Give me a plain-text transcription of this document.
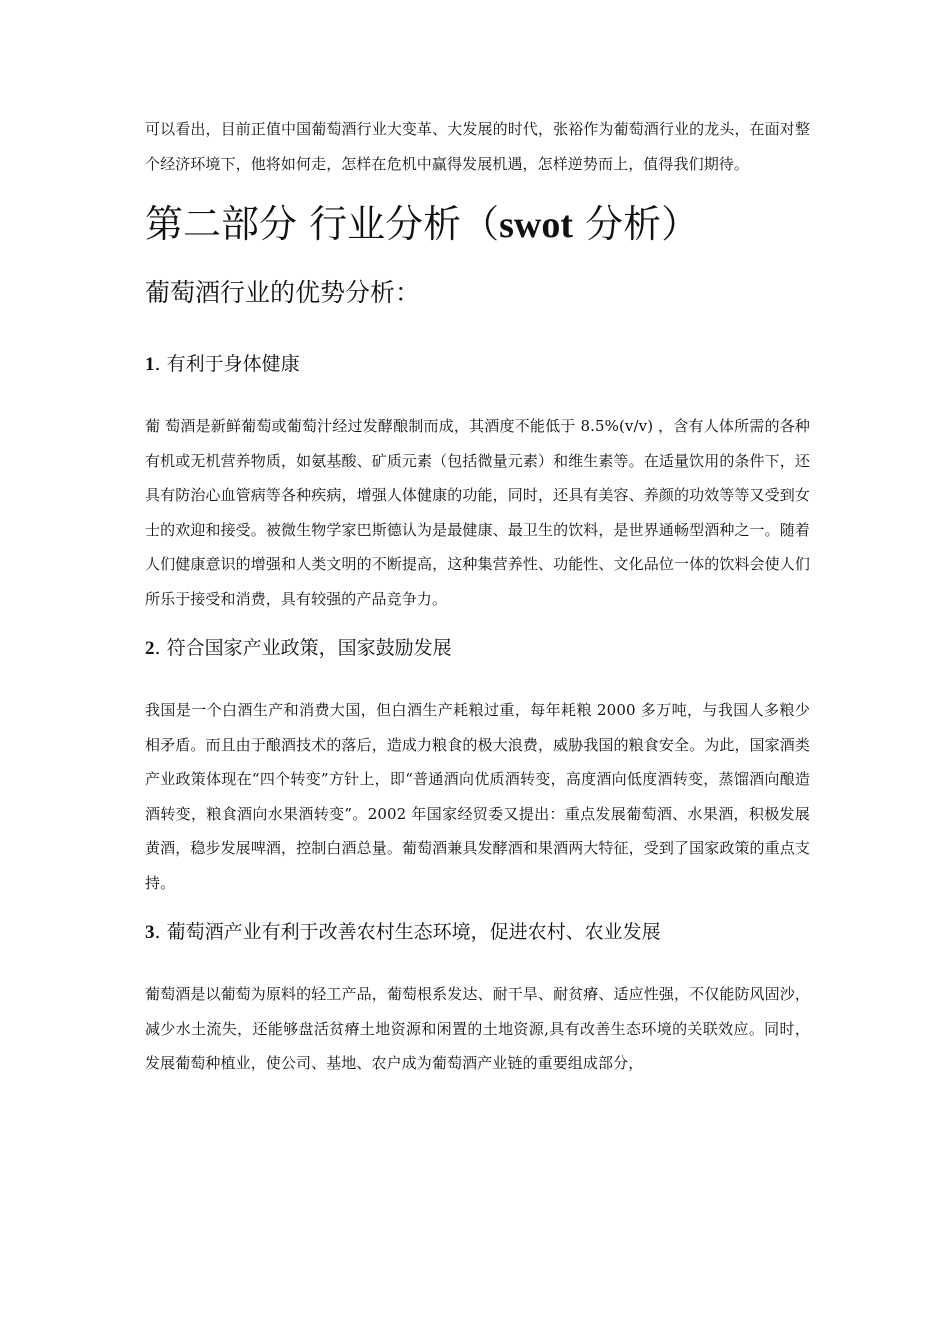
可以看出，目前正值中国葡萄酒行业大变革、大发展的时代，张裕作为葡萄酒行业的龙头，在面对整个经济环境下，他将如何走，怎样在危机中赢得发展机遇，怎样逆势而上，值得我们期待。

第二部分 行业分析（swot 分析）
葡萄酒行业的优势分析：
1. 有利于身体健康

葡 萄酒是新鲜葡萄或葡萄汁经过发酵酿制而成，其酒度不能低于 8.5%(v/v) ，含有人体所需的各种有机或无机营养物质，如氨基酸、矿质元素（包括微量元素）和维生素等。在适量饮用的条件下，还具有防治心血管病等各种疾病，增强人体健康的功能，同时，还具有美容、养颜的功效等等又受到女士的欢迎和接受。被微生物学家巴斯德认为是最健康、最卫生的饮料，是世界通畅型酒种之一。随着人们健康意识的增强和人类文明的不断提高，这种集营养性、功能性、文化品位一体的饮料会使人们所乐于接受和消费，具有较强的产品竞争力。

2. 符合国家产业政策，国家鼓励发展

我国是一个白酒生产和消费大国，但白酒生产耗粮过重，每年耗粮 2000 多万吨，与我国人多粮少相矛盾。而且由于酿酒技术的落后，造成力粮食的极大浪费，威胁我国的粮食安全。为此，国家酒类产业政策体现在“四个转变”方针上，即“普通酒向优质酒转变，高度酒向低度酒转变，蒸馏酒向酿造酒转变，粮食酒向水果酒转变”。2002 年国家经贸委又提出：重点发展葡萄酒、水果酒，积极发展黄酒，稳步发展啤酒，控制白酒总量。葡萄酒兼具发酵酒和果酒两大特征，受到了国家政策的重点支持。

3. 葡萄酒产业有利于改善农村生态环境，促进农村、农业发展

葡萄酒是以葡萄为原料的轻工产品，葡萄根系发达、耐干旱、耐贫瘠、适应性强，不仅能防风固沙，减少水土流失，还能够盘活贫瘠土地资源和闲置的土地资源,具有改善生态环境的关联效应。同时，发展葡萄种植业，使公司、基地、农户成为葡萄酒产业链的重要组成部分，
